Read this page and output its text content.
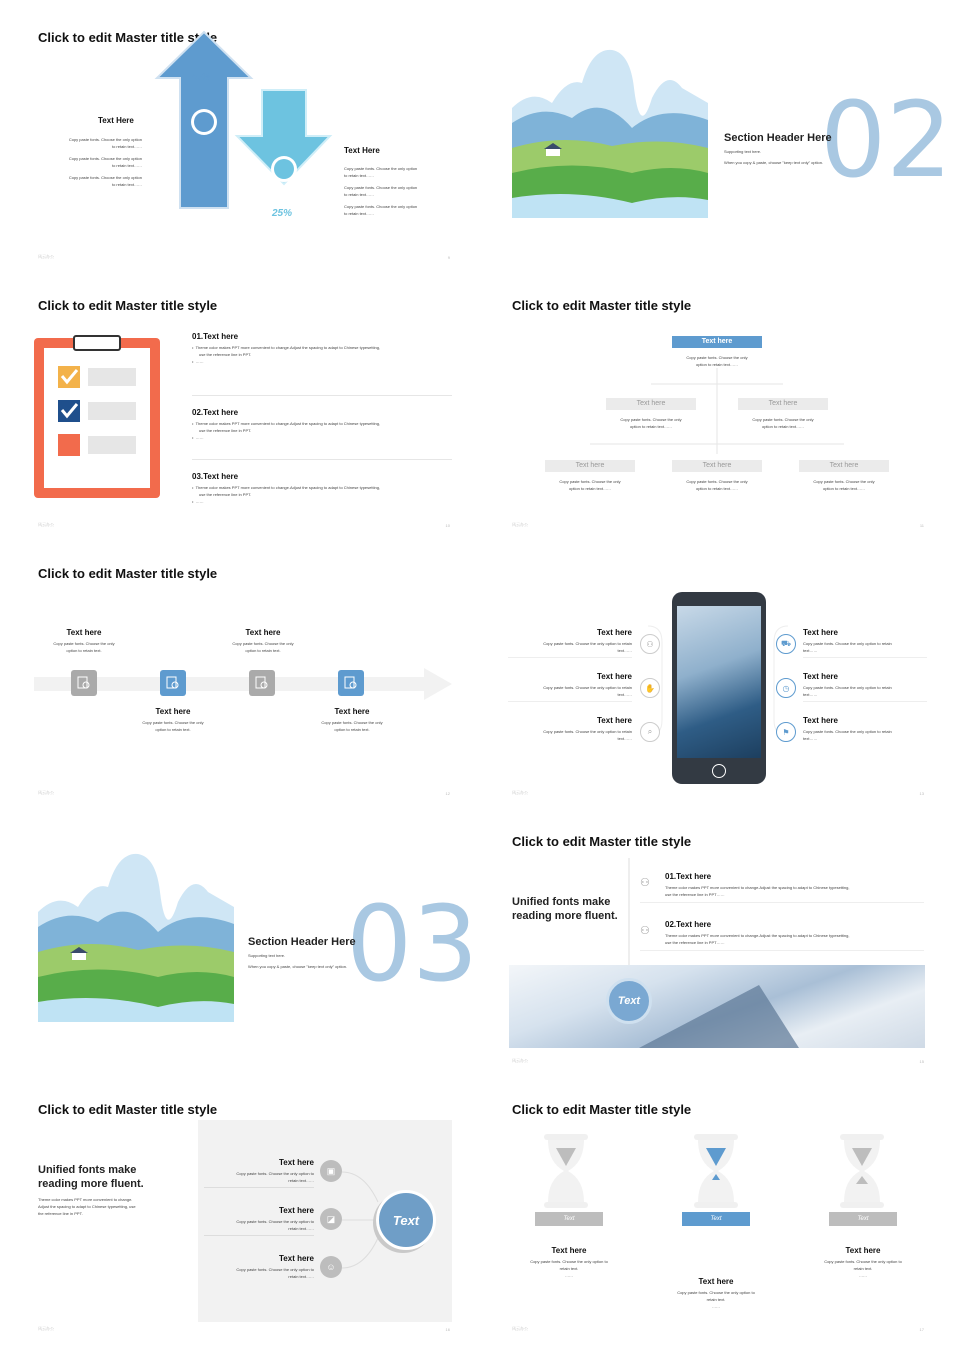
Click to edit Master title style
75%
25%
Text Here
Copy paste fonts. Choose the only option
to retain text……
Copy paste fonts. Choose the only option
to retain text……
Copy paste fonts. Choose the only option
to retain text……
Text Here
Copy paste fonts. Choose the only option
to retain text……
Copy paste fonts. Choose the only option
to retain text……
Copy paste fonts. Choose the only option
to retain text……
风云办公	9
02
Section Header Here
Supporting text here.
When you copy & paste, choose "keep text only" option.
Click to edit Master title style
01.Text here
•  Theme color makes PPT more convenient to change.Adjust the spacing to adapt to Chinese typesetting,
use the reference line in PPT.
•  ……
02.Text here
•  Theme color makes PPT more convenient to change.Adjust the spacing to adapt to Chinese typesetting,
use the reference line in PPT.
•  ……
03.Text here
•  Theme color makes PPT more convenient to change.Adjust the spacing to adapt to Chinese typesetting,
use the reference line in PPT.
•  ……
风云办公	10
Click to edit Master title style
Text here
Copy paste fonts. Choose the only
option to retain text……
Text here
Copy paste fonts. Choose the only
option to retain text……
Text here
Copy paste fonts. Choose the only
option to retain text……
Text here
Copy paste fonts. Choose the only
option to retain text……
Text here
Copy paste fonts. Choose the only
option to retain text……
Text here
Copy paste fonts. Choose the only
option to retain text……
风云办公	11
Click to edit Master title style
Text here
Copy paste fonts. Choose the only
option to retain text.
Text here
Copy paste fonts. Choose the only
option to retain text.
Text here
Copy paste fonts. Choose the only
option to retain text.
Text here
Copy paste fonts. Choose the only
option to retain text.
风云办公	12
⚇
✋
⌕
⛟
◷
⚑
Text here
Copy paste fonts. Choose the only option to retain
text……
Text here
Copy paste fonts. Choose the only option to retain
text……
Text here
Copy paste fonts. Choose the only option to retain
text……
Text here
Copy paste fonts. Choose the only option to retain
text……
Text here
Copy paste fonts. Choose the only option to retain
text……
Text here
Copy paste fonts. Choose the only option to retain
text……
风云办公	13
03
Section Header Here
Supporting text here.
When you copy & paste, choose "keep text only" option.
Click to edit Master title style
Unified fonts make
reading more fluent.
01.Text here
Theme color makes PPT more convenient to change.Adjust the spacing to adapt to Chinese typesetting,
use the reference line in PPT……
⚇
02.Text here
Theme color makes PPT more convenient to change.Adjust the spacing to adapt to Chinese typesetting,
use the reference line in PPT……
⚇
Text
风云办公	15
Click to edit Master title style
Unified fonts make
reading more fluent.
Theme color makes PPT more convenient to change.
Adjust the spacing to adapt to Chinese typesetting, use
the reference line in PPT.
Text here
Copy paste fonts. Choose the only option to
retain text……
Text here
Copy paste fonts. Choose the only option to
retain text……
Text here
Copy paste fonts. Choose the only option to
retain text……
▣
◪
☺
Text
风云办公	16
Click to edit Master title style
Text	Text	Text
Text here
Copy paste fonts. Choose the only option to
retain text.
……
Text here
Copy paste fonts. Choose the only option to
retain text.
……
Text here
Copy paste fonts. Choose the only option to
retain text.
……
风云办公	17
